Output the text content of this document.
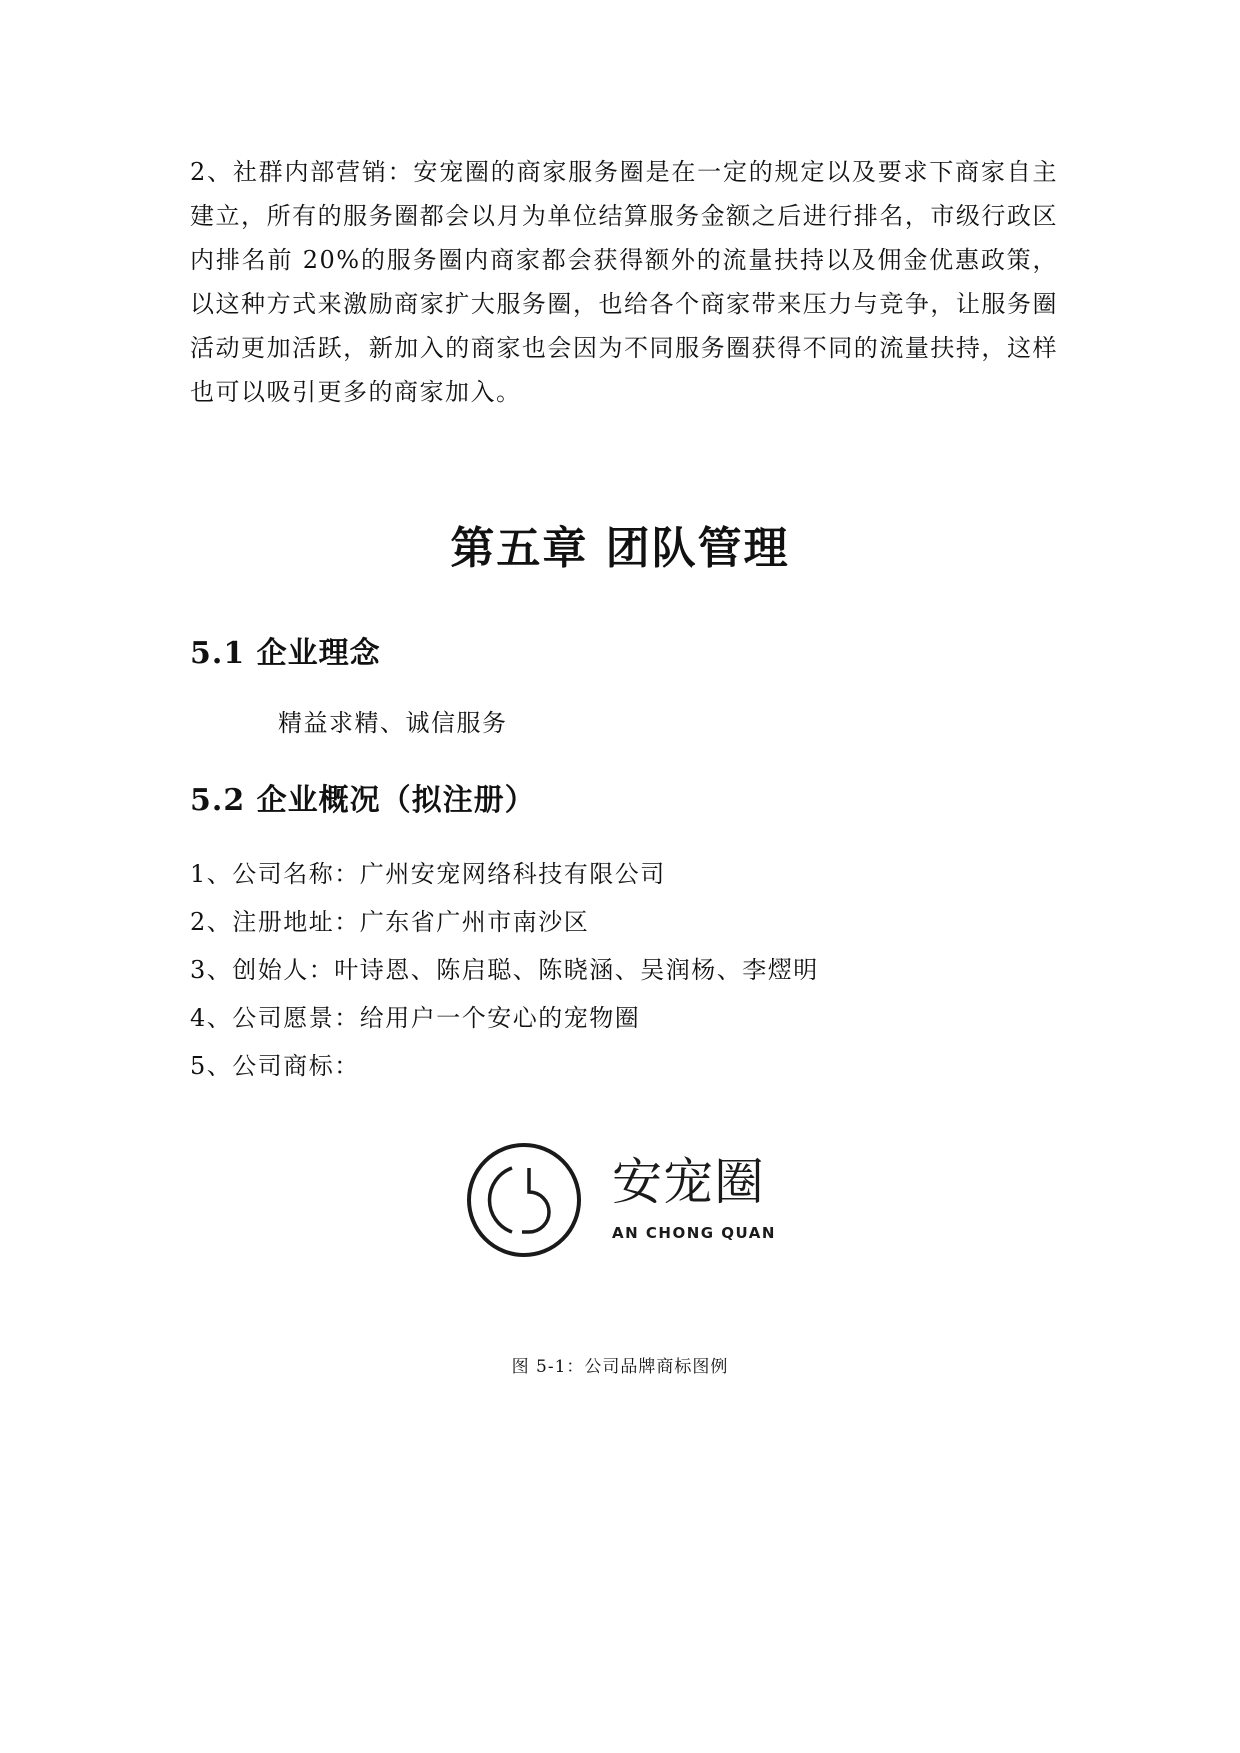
2、社群内部营销：安宠圈的商家服务圈是在一定的规定以及要求下商家自主建立，所有的服务圈都会以月为单位结算服务金额之后进行排名，市级行政区内排名前 20%的服务圈内商家都会获得额外的流量扶持以及佣金优惠政策，以这种方式来激励商家扩大服务圈，也给各个商家带来压力与竞争，让服务圈活动更加活跃，新加入的商家也会因为不同服务圈获得不同的流量扶持，这样也可以吸引更多的商家加入。

第五章 团队管理
5.1 企业理念

精益求精、诚信服务

5.2 企业概况（拟注册）
1、公司名称：广州安宠网络科技有限公司
2、注册地址：广东省广州市南沙区
3、创始人：叶诗恩、陈启聪、陈晓涵、吴润杨、李熤明
4、公司愿景：给用户一个安心的宠物圈
5、公司商标：
安宠圈
AN CHONG QUAN

图 5-1：公司品牌商标图例
